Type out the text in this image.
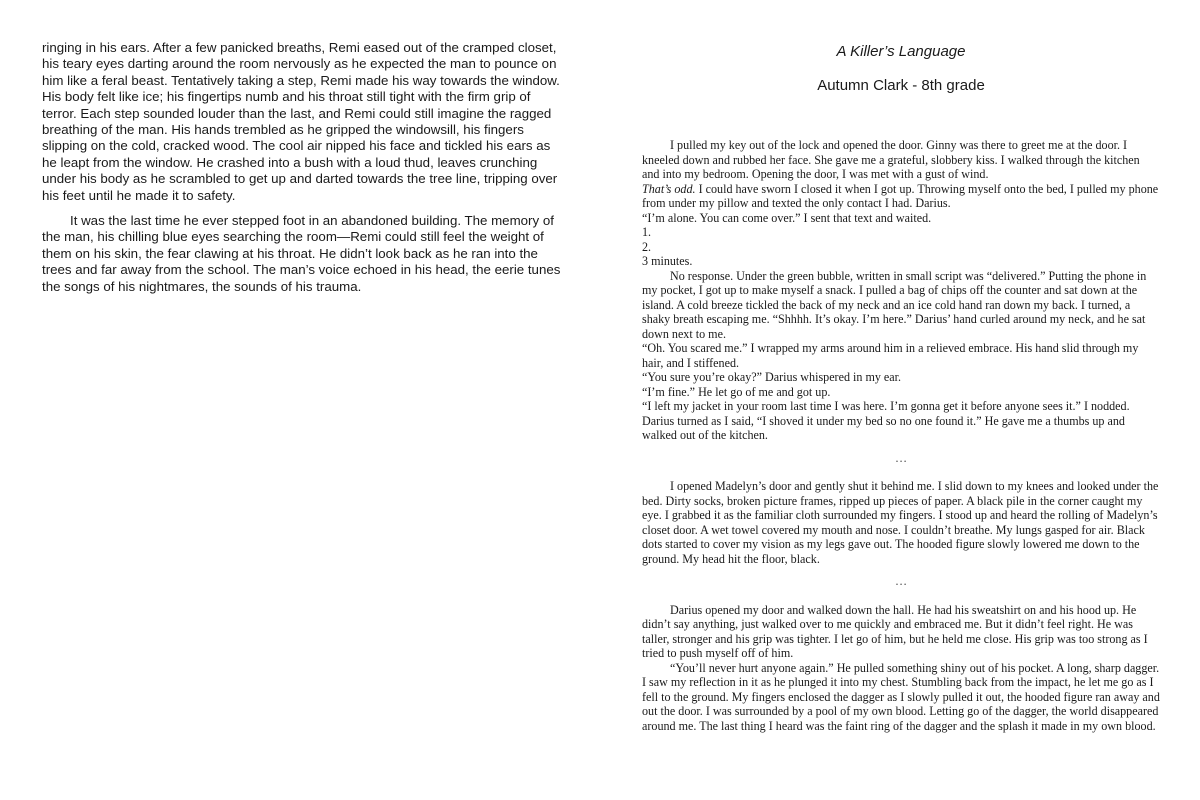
ringing in his ears. After a few panicked breaths, Remi eased out of the cramped closet, his teary eyes darting around the room nervously as he expected the man to pounce on him like a feral beast. Tentatively taking a step, Remi made his way towards the window. His body felt like ice; his fingertips numb and his throat still tight with the firm grip of terror. Each step sounded louder than the last, and Remi could still imagine the ragged breathing of the man. His hands trembled as he gripped the windowsill, his fingers slipping on the cold, cracked wood. The cool air nipped his face and tickled his ears as he leapt from the window. He crashed into a bush with a loud thud, leaves crunching under his body as he scrambled to get up and darted towards the tree line, tripping over his feet until he made it to safety.

It was the last time he ever stepped foot in an abandoned building. The memory of the man, his chilling blue eyes searching the room—Remi could still feel the weight of them on his skin, the fear clawing at his throat. He didn’t look back as he ran into the trees and far away from the school. The man’s voice echoed in his head, the eerie tunes the songs of his nightmares, the sounds of his trauma.

A Killer’s Language
Autumn Clark - 8th grade

I pulled my key out of the lock and opened the door. Ginny was there to greet me at the door. I kneeled down and rubbed her face. She gave me a grateful, slobbery kiss. I walked through the kitchen and into my bedroom. Opening the door, I was met with a gust of wind.

That’s odd. I could have sworn I closed it when I got up. Throwing myself onto the bed, I pulled my phone from under my pillow and texted the only contact I had. Darius.

“I’m alone. You can come over.” I sent that text and waited.

1.

2.

3 minutes.

No response. Under the green bubble, written in small script was “delivered.” Putting the phone in my pocket, I got up to make myself a snack. I pulled a bag of chips off the counter and sat down at the island. A cold breeze tickled the back of my neck and an ice cold hand ran down my back. I turned, a shaky breath escaping me. “Shhhh. It’s okay. I’m here.” Darius’ hand curled around my neck, and he sat down next to me.

“Oh. You scared me.” I wrapped my arms around him in a relieved embrace. His hand slid through my hair, and I stiffened.

“You sure you’re okay?” Darius whispered in my ear.

“I’m fine.” He let go of me and got up.

“I left my jacket in your room last time I was here. I’m gonna get it before anyone sees it.” I nodded. Darius turned as I said, “I shoved it under my bed so no one found it.” He gave me a thumbs up and walked out of the kitchen.

…

I opened Madelyn’s door and gently shut it behind me. I slid down to my knees and looked under the bed. Dirty socks, broken picture frames, ripped up pieces of paper. A black pile in the corner caught my eye. I grabbed it as the familiar cloth surrounded my fingers. I stood up and heard the rolling of Madelyn’s closet door. A wet towel covered my mouth and nose. I couldn’t breathe. My lungs gasped for air. Black dots started to cover my vision as my legs gave out. The hooded figure slowly lowered me down to the ground. My head hit the floor, black.

…

Darius opened my door and walked down the hall. He had his sweatshirt on and his hood up. He didn’t say anything, just walked over to me quickly and embraced me. But it didn’t feel right. He was taller, stronger and his grip was tighter. I let go of him, but he held me close. His grip was too strong as I tried to push myself off of him.

“You’ll never hurt anyone again.” He pulled something shiny out of his pocket. A long, sharp dagger. I saw my reflection in it as he plunged it into my chest. Stumbling back from the impact, he let me go as I fell to the ground. My fingers enclosed the dagger as I slowly pulled it out, the hooded figure ran away and out the door. I was surrounded by a pool of my own blood. Letting go of the dagger, the world disappeared around me. The last thing I heard was the faint ring of the dagger and the splash it made in my own blood.
